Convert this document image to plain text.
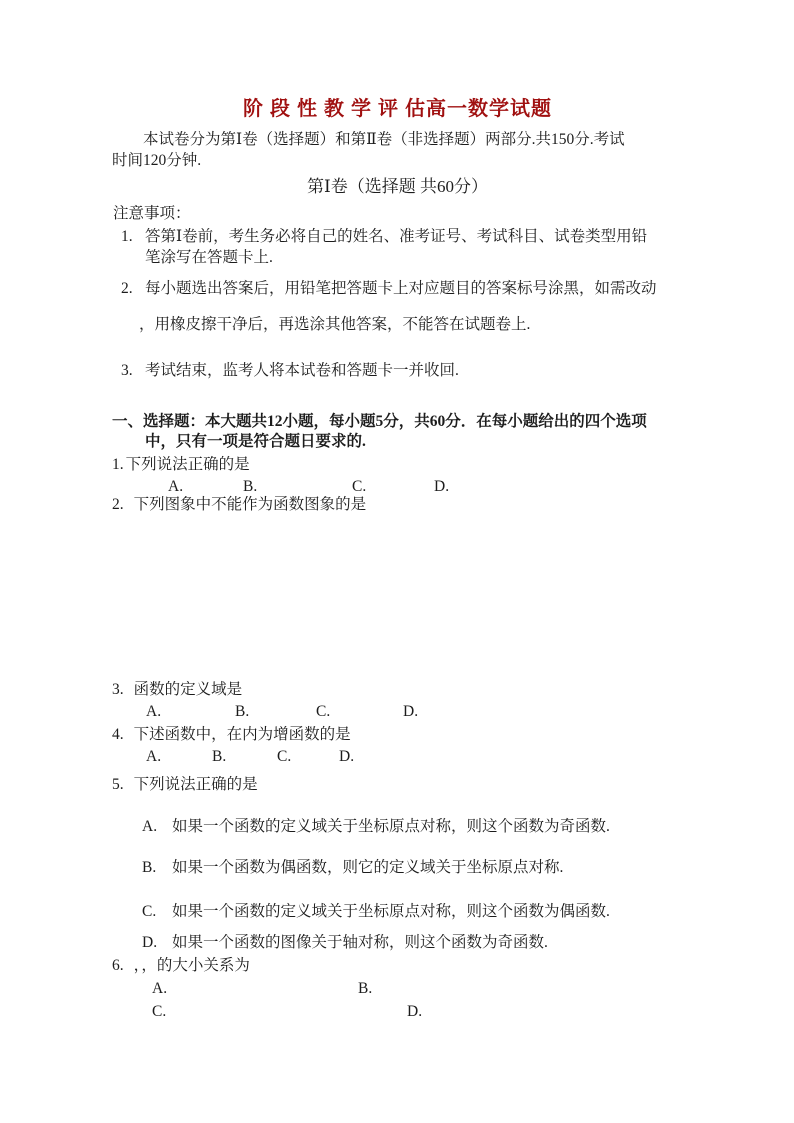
阶 段 性 教 学 评 估高一数学试题
本试卷分为第Ⅰ卷（选择题）和第Ⅱ卷（非选择题）两部分.共150分.考试
时间120分钟.
第Ⅰ卷（选择题 共60分）
注意事项：
1. 答第Ⅰ卷前，考生务必将自己的姓名、准考证号、考试科目、试卷类型用铅
笔涂写在答题卡上.
2. 每小题选出答案后，用铅笔把答题卡上对应题目的答案标号涂黑，如需改动
，用橡皮擦干净后，再选涂其他答案，不能答在试题卷上.
3. 考试结束，监考人将本试卷和答题卡一并收回.
一、选择题：本大题共12小题，每小题5分，共60分．在每小题给出的四个选项
中，只有一项是符合题日要求的.
1. 下列说法正确的是
A.	B.	C.	D.
2. 下列图象中不能作为函数图象的是
3. 函数的定义域是
A.	B.	C.	D.
4. 下述函数中，在内为增函数的是
A.	B.	C.	D.
5. 下列说法正确的是
A. 如果一个函数的定义域关于坐标原点对称，则这个函数为奇函数.
B.	如果一个函数为偶函数，则它的定义域关于坐标原点对称.
C.	如果一个函数的定义域关于坐标原点对称，则这个函数为偶函数.
D. 如果一个函数的图像关于轴对称，则这个函数为奇函数.
6. ，，的大小关系为
A.	B.
C.	D.
